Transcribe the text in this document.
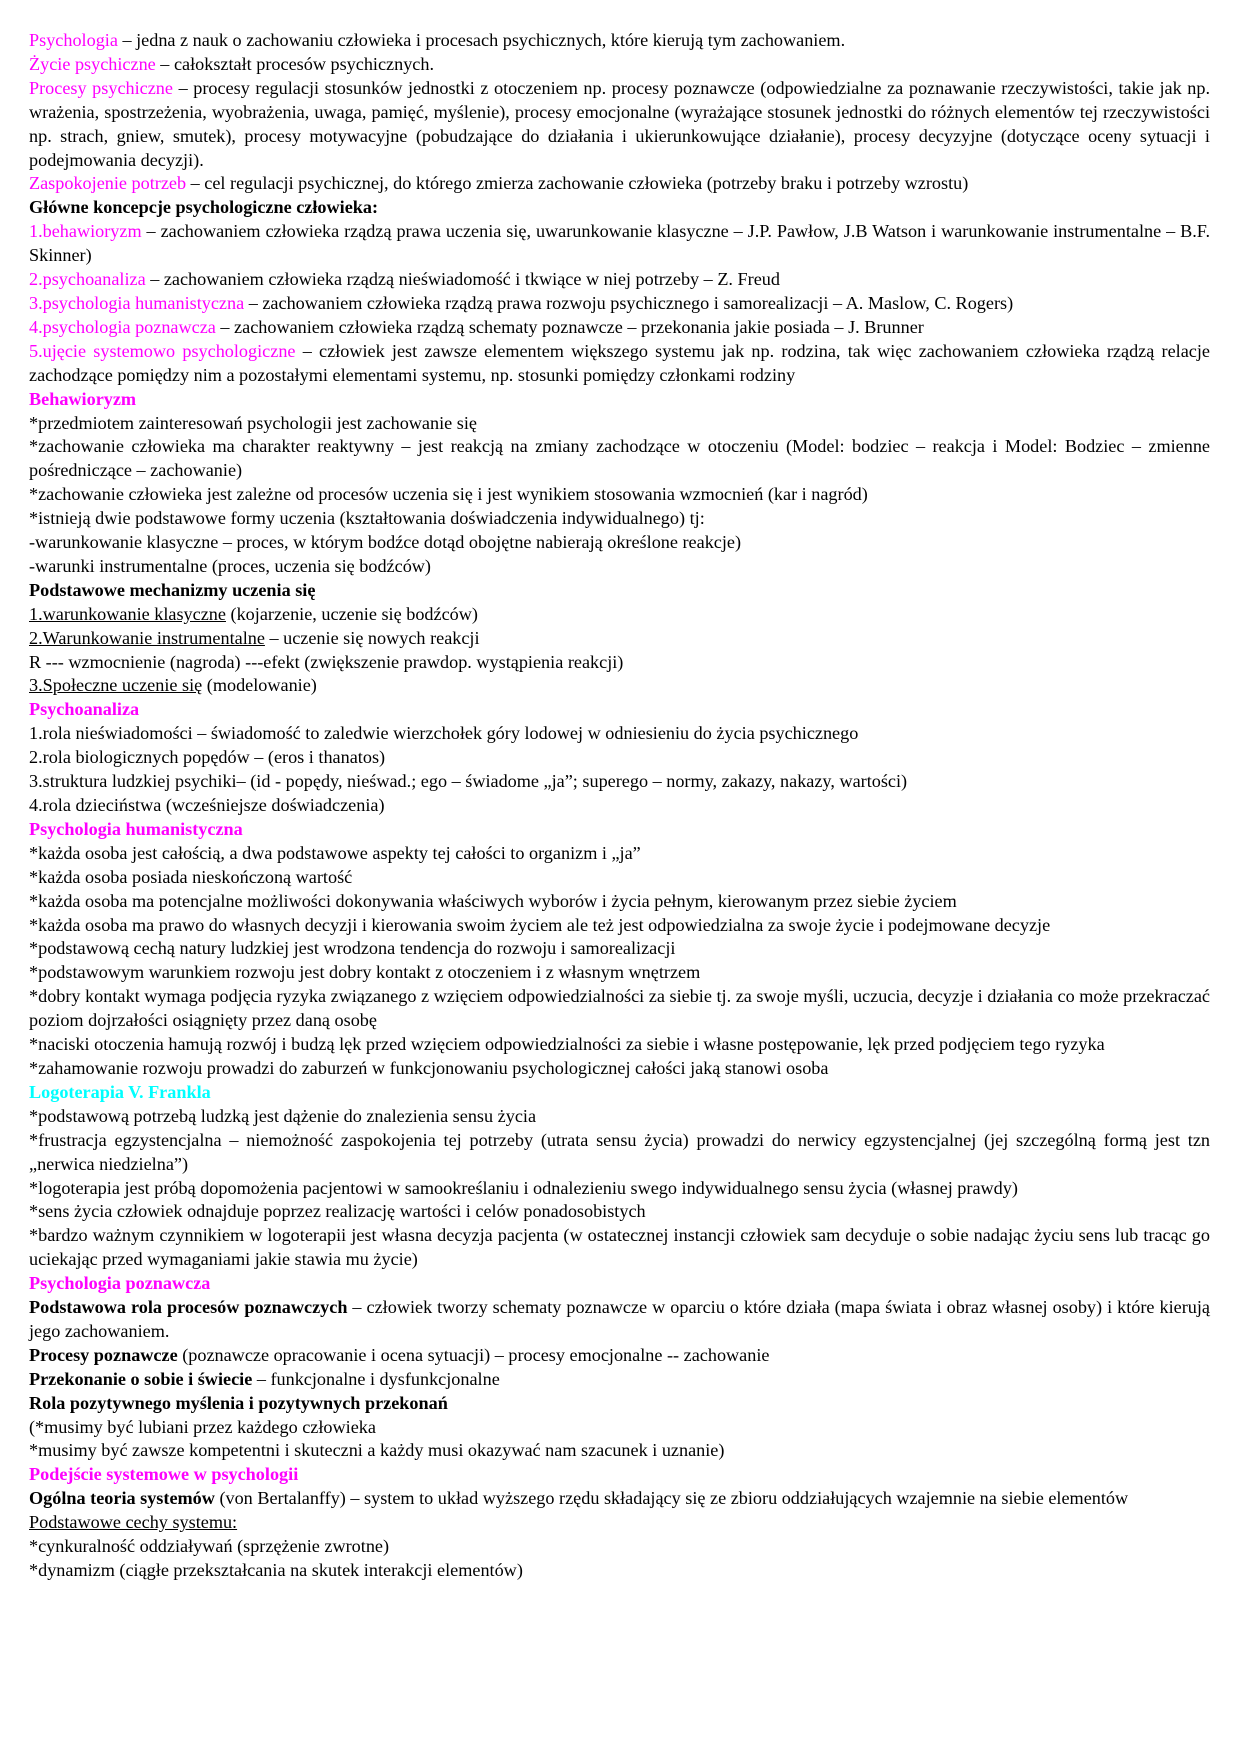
Psychologia – jedna z nauk o zachowaniu człowieka i procesach psychicznych, które kierują tym zachowaniem.

Życie psychiczne – całokształt procesów psychicznych.

Procesy psychiczne – procesy regulacji stosunków jednostki z otoczeniem np. procesy poznawcze (odpowiedzialne za poznawanie rzeczywistości, takie jak np. wrażenia, spostrzeżenia, wyobrażenia, uwaga, pamięć, myślenie), procesy emocjonalne (wyrażające stosunek jednostki do różnych elementów tej rzeczywistości np. strach, gniew, smutek), procesy motywacyjne (pobudzające do działania i ukierunkowujące działanie), procesy decyzyjne (dotyczące oceny sytuacji i podejmowania decyzji).

Zaspokojenie potrzeb – cel regulacji psychicznej, do którego zmierza zachowanie człowieka (potrzeby braku i potrzeby wzrostu)

Główne koncepcje psychologiczne człowieka:

1.behawioryzm – zachowaniem człowieka rządzą prawa uczenia się, uwarunkowanie klasyczne – J.P. Pawłow, J.B Watson i warunkowanie instrumentalne – B.F. Skinner)

2.psychoanaliza – zachowaniem człowieka rządzą nieświadomość i tkwiące w niej potrzeby – Z. Freud

3.psychologia humanistyczna – zachowaniem człowieka rządzą prawa rozwoju psychicznego i samorealizacji – A. Maslow, C. Rogers)

4.psychologia poznawcza – zachowaniem człowieka rządzą schematy poznawcze – przekonania jakie posiada – J. Brunner

5.ujęcie systemowo psychologiczne – człowiek jest zawsze elementem większego systemu jak np. rodzina, tak więc zachowaniem człowieka rządzą relacje zachodzące pomiędzy nim a pozostałymi elementami systemu, np. stosunki pomiędzy członkami rodziny

Behawioryzm

*przedmiotem zainteresowań psychologii jest zachowanie się

*zachowanie człowieka ma charakter reaktywny – jest reakcją na zmiany zachodzące w otoczeniu (Model: bodziec – reakcja i Model: Bodziec – zmienne pośredniczące – zachowanie)

*zachowanie człowieka jest zależne od procesów uczenia się i jest wynikiem stosowania wzmocnień (kar i nagród)

*istnieją dwie podstawowe formy uczenia (kształtowania doświadczenia indywidualnego) tj:

-warunkowanie klasyczne – proces, w którym bodźce dotąd obojętne nabierają określone reakcje)

-warunki instrumentalne (proces, uczenia się bodźców)

Podstawowe mechanizmy uczenia się

1.warunkowanie klasyczne (kojarzenie, uczenie się bodźców)

2.Warunkowanie instrumentalne – uczenie się nowych reakcji

R --- wzmocnienie (nagroda) ---efekt (zwiększenie prawdop. wystąpienia reakcji)

3.Społeczne uczenie się (modelowanie)

Psychoanaliza

1.rola nieświadomości – świadomość to zaledwie wierzchołek góry lodowej w odniesieniu do życia psychicznego

2.rola biologicznych popędów – (eros i thanatos)

3.struktura ludzkiej psychiki– (id - popędy, nieśwad.; ego – świadome „ja”; superego – normy, zakazy, nakazy, wartości)

4.rola dzieciństwa (wcześniejsze doświadczenia)

Psychologia humanistyczna

*każda osoba jest całością, a dwa podstawowe aspekty tej całości to organizm i „ja”

*każda osoba posiada nieskończoną wartość

*każda osoba ma potencjalne możliwości dokonywania właściwych wyborów i życia pełnym, kierowanym przez siebie życiem

*każda osoba ma prawo do własnych decyzji i kierowania swoim życiem ale też jest odpowiedzialna za swoje życie i podejmowane decyzje

*podstawową cechą natury ludzkiej jest wrodzona tendencja do rozwoju i samorealizacji

*podstawowym warunkiem rozwoju jest dobry kontakt z otoczeniem i z własnym wnętrzem

*dobry kontakt wymaga podjęcia ryzyka związanego z wzięciem odpowiedzialności za siebie tj. za swoje myśli, uczucia, decyzje i działania co może przekraczać poziom dojrzałości osiągnięty przez daną osobę

*naciski otoczenia hamują rozwój i budzą lęk przed wzięciem odpowiedzialności za siebie i własne postępowanie, lęk przed podjęciem tego ryzyka

*zahamowanie rozwoju prowadzi do zaburzeń w funkcjonowaniu psychologicznej całości jaką stanowi osoba

Logoterapia V. Frankla

*podstawową potrzebą ludzką jest dążenie do znalezienia sensu życia

*frustracja egzystencjalna – niemożność zaspokojenia tej potrzeby (utrata sensu życia) prowadzi do nerwicy egzystencjalnej (jej szczególną formą jest tzn „nerwica niedzielna”)

*logoterapia jest próbą dopomożenia pacjentowi w samookreślaniu i odnalezieniu swego indywidualnego sensu życia (własnej prawdy)

*sens życia człowiek odnajduje poprzez realizację wartości i celów ponadosobistych

*bardzo ważnym czynnikiem w logoterapii jest własna decyzja pacjenta (w ostatecznej instancji człowiek sam decyduje o sobie nadając życiu sens lub tracąc go uciekając przed wymaganiami jakie stawia mu życie)

Psychologia poznawcza

Podstawowa rola procesów poznawczych – człowiek tworzy schematy poznawcze w oparciu o które działa (mapa świata i obraz własnej osoby) i które kierują jego zachowaniem.

Procesy poznawcze (poznawcze opracowanie i ocena sytuacji) – procesy emocjonalne -- zachowanie

Przekonanie o sobie i świecie – funkcjonalne i dysfunkcjonalne

Rola pozytywnego myślenia i pozytywnych przekonań

(*musimy być lubiani przez każdego człowieka

*musimy być zawsze kompetentni i skuteczni a każdy musi okazywać nam szacunek i uznanie)

Podejście systemowe w psychologii

Ogólna teoria systemów (von Bertalanffy) – system to układ wyższego rzędu składający się ze zbioru oddziałujących wzajemnie na siebie elementów

Podstawowe cechy systemu:

*cynkuralność oddziaływań (sprzężenie zwrotne)

*dynamizm (ciągłe przekształcania na skutek interakcji elementów)
